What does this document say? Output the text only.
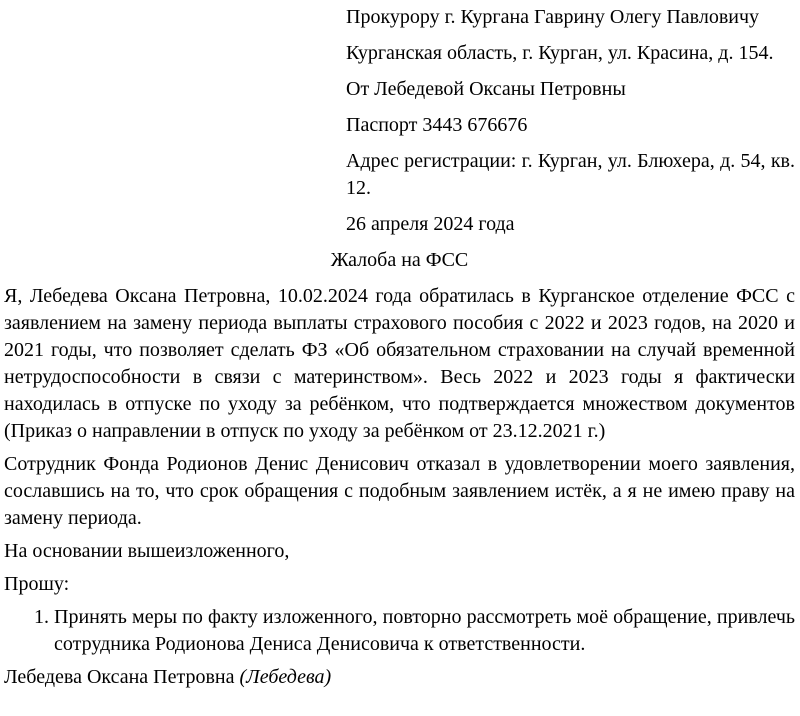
Прокурору г. Кургана Гаврину Олегу Павловичу

Курганская область, г. Курган, ул. Красина, д. 154.

От Лебедевой Оксаны Петровны

Паспорт 3443 676676

Адрес регистрации: г. Курган, ул. Блюхера, д. 54, кв. 12.

26 апреля 2024 года

Жалоба на ФСС

Я, Лебедева Оксана Петровна, 10.02.2024 года обратилась в Курганское отделение ФСС с заявлением на замену периода выплаты страхового пособия с 2022 и 2023 годов, на 2020 и 2021 годы, что позволяет сделать ФЗ «Об обязательном страховании на случай временной нетрудоспособности в связи с материнством». Весь 2022 и 2023 годы я фактически находилась в отпуске по уходу за ребёнком, что подтверждается множеством документов (Приказ о направлении в отпуск по уходу за ребёнком от 23.12.2021 г.)

Сотрудник Фонда Родионов Денис Денисович отказал в удовлетворении моего заявления, сославшись на то, что срок обращения с подобным заявлением истёк, а я не имею праву на замену периода.

На основании вышеизложенного,

Прошу:

1. Принять меры по факту изложенного, повторно рассмотреть моё обращение, привлечь сотрудника Родионова Дениса Денисовича к ответственности.

Лебедева Оксана Петровна (Лебедева)
